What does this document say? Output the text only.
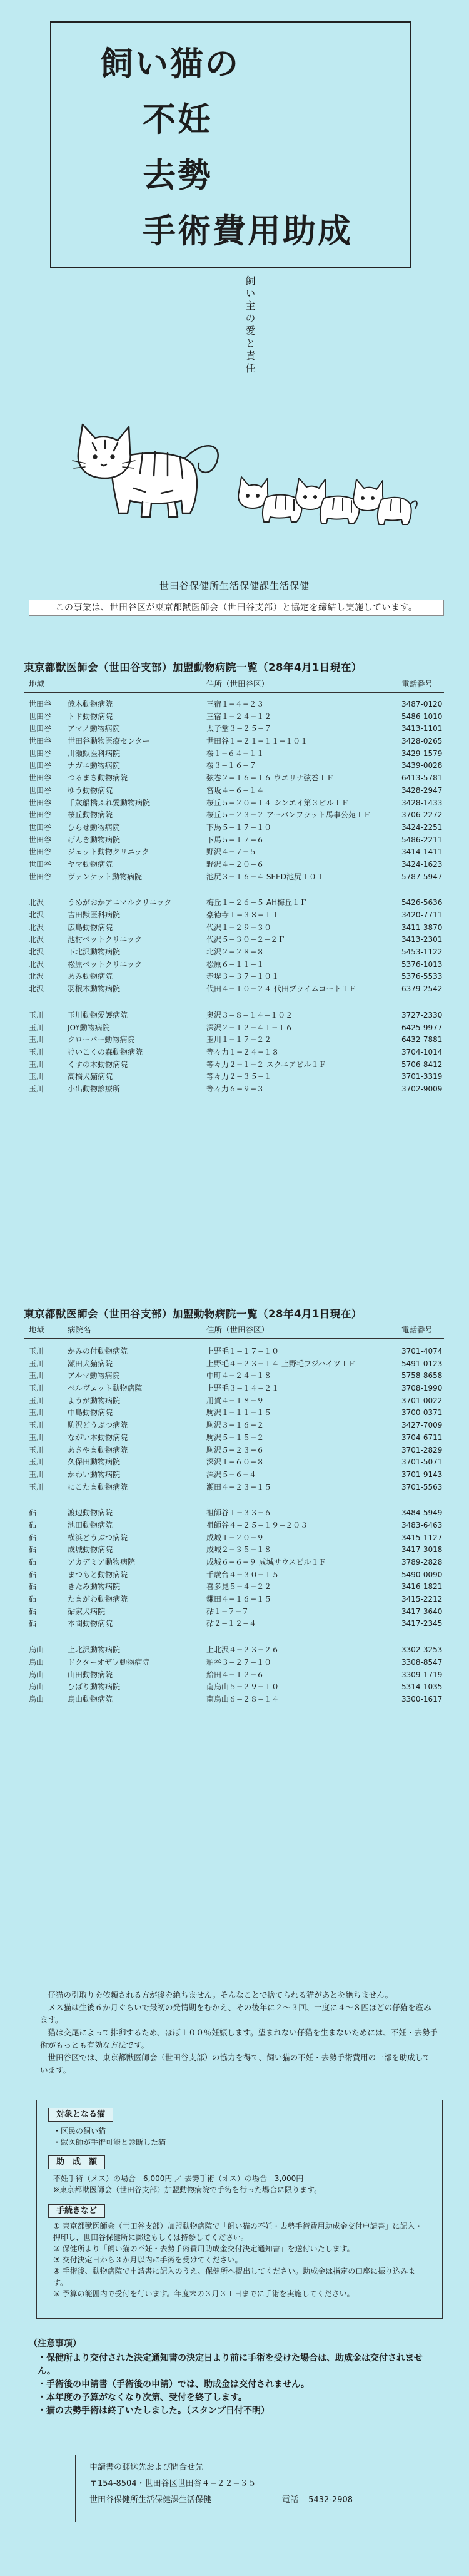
飼い猫の
不妊
去勢
手術費用助成
飼い主の愛と責任
世田谷保健所生活保健課生活保健
この事業は、世田谷区が東京都獣医師会（世田谷支部）と協定を締結し実施しています。
東京都獣医師会（世田谷支部）加盟動物病院一覧（28年4月1日現在）
地域	住所（世田谷区）	電話番号
世田谷 億木動物病院	三宿１−４−２３	3487-0120
世田谷 トド動物病院	三宿１−２４−１２	5486-1010
世田谷 アマノ動物病院	太子堂３−２５−７	3413-1101
世田谷 世田谷動物医療センター	世田谷１−２１−１１−１０１	3428-0265
世田谷 川瀬獣医科病院	桜１−６４−１１	3429-1579
世田谷 ナガエ動物病院	桜３−１６−７	3439-0028
世田谷 つるまき動物病院	弦巻２−１６−１６ ウエリナ弦巻１Ｆ	6413-5781
世田谷 ゆう動物病院	宮坂４−６−１４	3428-2947
世田谷 千歳船橋ふれ愛動物病院	桜丘５−２０−１４ シンエイ第３ビル１Ｆ	3428-1433
世田谷 桜丘動物病院	桜丘５−２３−２ アーバンフラット馬事公苑１Ｆ	3706-2272
世田谷 ひらせ動物病院	下馬５−１７−１０	3424-2251
世田谷 げんき動物病院	下馬５−１７−６	5486-2211
世田谷 ジェット動物クリニック	野沢４−７−５	3414-1411
世田谷 ヤマ動物病院	野沢４−２０−６	3424-1623
世田谷 ヴァンケット動物病院	池尻３−１６−４ SEED池尻１０１	5787-5947
北沢	うめがおかアニマルクリニック	梅丘１−２６−５ AH梅丘１Ｆ	5426-5636
北沢	吉田獣医科病院	豪徳寺１−３８−１１	3420-7711
北沢	広島動物病院	代沢１−２９−３０	3411-3870
北沢	池村ペットクリニック	代沢５−３０−２−２Ｆ	3413-2301
北沢	下北沢動物病院	北沢２−２８−８	5453-1122
北沢	松原ペットクリニック	松原６−１１−１	5376-1013
北沢	あみ動物病院	赤堤３−３７−１０１	5376-5533
北沢	羽根木動物病院	代田４−１０−２４ 代田プライムコート１Ｆ	6379-2542
玉川	玉川動物愛護病院	奥沢３−８−１４−１０２	3727-2330
玉川	JOY動物病院	深沢２−１２−４１−１６	6425-9977
玉川	クローバー動物病院	玉川１−１７−２２	6432-7881
玉川	けいこくの森動物病院	等々力１−２４−１８	3704-1014
玉川	くすの木動物病院	等々力２−１−２ スクエアビル１Ｆ	5706-8412
玉川	高橋犬猫病院	等々力２−３５−１	3701-3319
玉川	小出動物診療所	等々力６−９−３	3702-9009
東京都獣医師会（世田谷支部）加盟動物病院一覧（28年4月1日現在）
地域	病院名	住所（世田谷区）	電話番号
玉川	かみの付動物病院	上野毛１−１７−１０	3701-4074
玉川	瀬田犬猫病院	上野毛４−２３−１４ 上野毛フジハイツ１Ｆ	5491-0123
玉川	アルマ動物病院	中町４−２４−１８	5758-8658
玉川	ベルヴェット動物病院	上野毛３−１４−２１	3708-1990
玉川	ようが動物病院	用賀４−１８−９	3701-0022
玉川	中島動物病院	駒沢１−１１−１５	3700-0371
玉川	駒沢どうぶつ病院	駒沢３−１６−２	3427-7009
玉川	ながい本動物病院	駒沢５−１５−２	3704-6711
玉川	あきやま動物病院	駒沢５−２３−６	3701-2829
玉川	久保田動物病院	深沢１−６０−８	3701-5071
玉川	かわい動物病院	深沢５−６−４	3701-9143
玉川	にこたま動物病院	瀬田４−２３−１５	3701-5563
砧	渡辺動物病院	祖師谷１−３３−６	3484-5949
砧	池田動物病院	祖師谷４−２５−１９−２０３	3483-6463
砧	横浜どうぶつ病院	成城１−２０−９	3415-1127
砧	成城動物病院	成城２−３５−１８	3417-3018
砧	アカデミア動物病院	成城６−６−９ 成城サウスビル１Ｆ	3789-2828
砧	まつもと動物病院	千歳台４−３０−１５	5490-0090
砧	きたみ動物病院	喜多見５−４−２２	3416-1821
砧	たまがわ動物病院	鎌田４−１６−１５	3415-2212
砧	砧家犬病院	砧１−７−７	3417-3640
砧	本間動物病院	砧２−１２−４	3417-2345
烏山	上北沢動物病院	上北沢４−２３−２６	3302-3253
烏山	ドクターオザワ動物病院	粕谷３−２７−１０	3308-8547
烏山	山田動物病院	給田４−１２−６	3309-1719
烏山	ひばり動物病院	南烏山５−２９−１０	5314-1035
烏山	烏山動物病院	南烏山６−２８−１４	3300-1617

仔猫の引取りを依頼される方が後を絶ちません。そんなことで捨てられる猫があとを絶ちません。

メス猫は生後６か月ぐらいで最初の発情期をむかえ、その後年に２〜３回、一度に４〜８匹ほどの仔猫を産みます。

猫は交尾によって排卵するため、ほぼ１００％妊娠します。望まれない仔猫を生まないためには、不妊・去勢手術がもっとも有効な方法です。

世田谷区では、東京都獣医師会（世田谷支部）の協力を得て、飼い猫の不妊・去勢手術費用の一部を助成しています。

対象となる猫

・区民の飼い猫

・獣医師が手術可能と診断した猫

助　成　額

不妊手術（メス）の場合　6,000円 ／ 去勢手術（オス）の場合　3,000円

※東京都獣医師会（世田谷支部）加盟動物病院で手術を行った場合に限ります。

手続きなど

① 東京都獣医師会（世田谷支部）加盟動物病院で「飼い猫の不妊・去勢手術費用助成金交付申請書」に記入・押印し、世田谷保健所に郵送もしくは持参してください。

② 保健所より「飼い猫の不妊・去勢手術費用助成金交付決定通知書」を送付いたします。

③ 交付決定日から３か月以内に手術を受けてください。

④ 手術後、動物病院で申請書に記入のうえ、保健所へ提出してください。助成金は指定の口座に振り込みます。

⑤ 予算の範囲内で受付を行います。年度末の３月３１日までに手術を実施してください。

（注意事項）

・保健所より交付された決定通知書の決定日より前に手術を受けた場合は、助成金は交付されません。

・手術後の申請書（手術後の申請）では、助成金は交付されません。

・本年度の予算がなくなり次第、受付を終了します。

・猫の去勢手術は終了いたしました。（スタンプ日付不明）

申請書の郵送先および問合せ先
〒154-8504・世田谷区世田谷４−２２−３５
世田谷保健所生活保健課生活保健	電話 5432-2908
